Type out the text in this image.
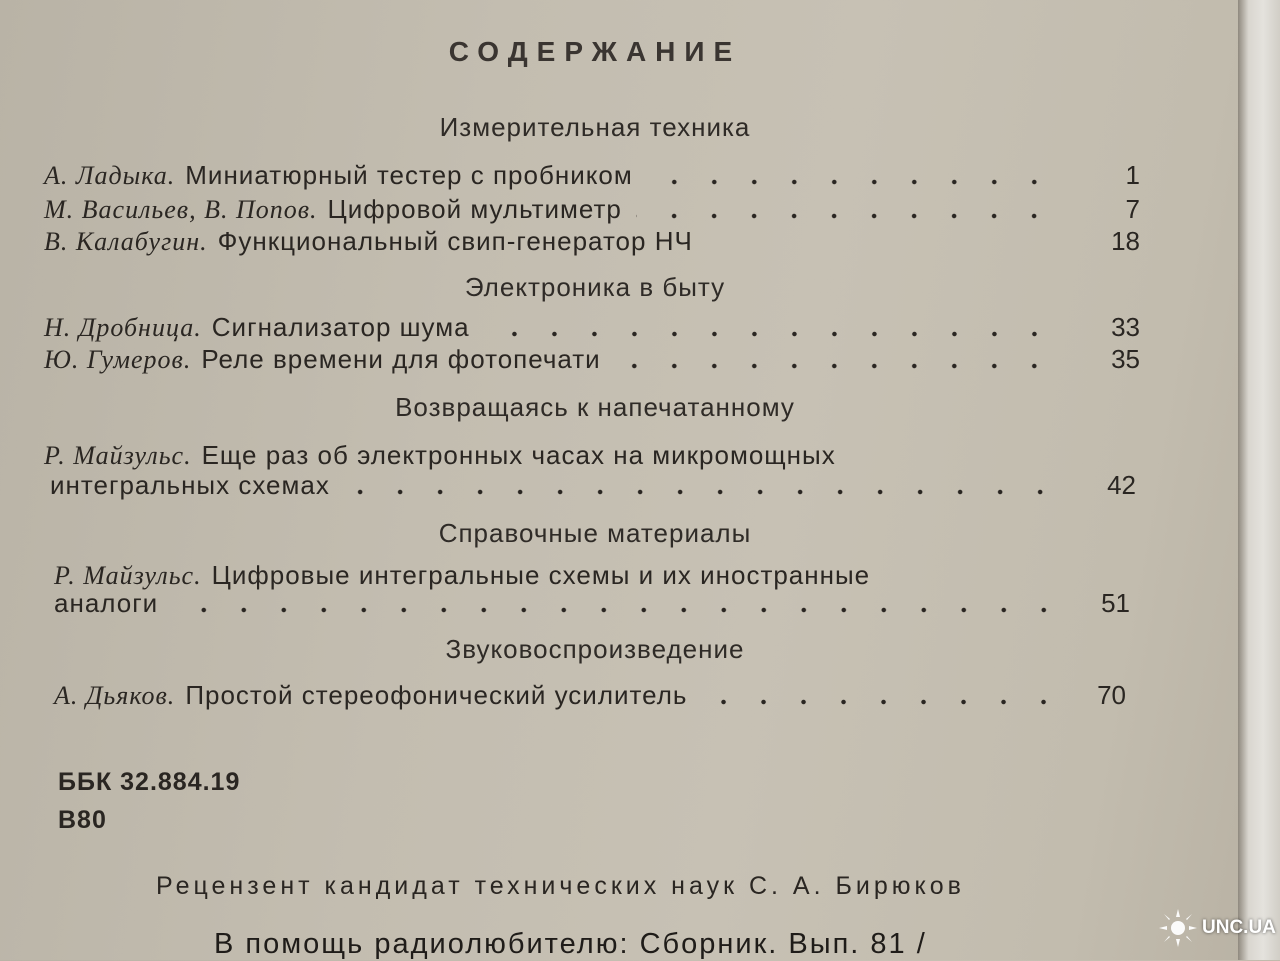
СОДЕРЖАНИЕ
Измерительная техника
А. Ладыка. Миниатюрный тестер с пробником	1
М. Васильев, В. Попов. Цифровой мультиметр	7
В. Калабугин. Функциональный свип-генератор НЧ	18
Электроника в быту
Н. Дробница. Сигнализатор шума	33
Ю. Гумеров. Реле времени для фотопечати	35
Возвращаясь к напечатанному
Р. Майзульс. Еще раз об электронных часах на микромощных
интегральных схемах	42
Справочные материалы
Р. Майзульс. Цифровые интегральные схемы и их иностранные
аналоги	51
Звуковоспроизведение
А. Дьяков. Простой стереофонический усилитель	70
ББК 32.884.19
В80
Рецензент кандидат технических наук С. А. Бирюков
В помощь радиолюбителю: Сборник. Вып. 81 /
UNC.UA
